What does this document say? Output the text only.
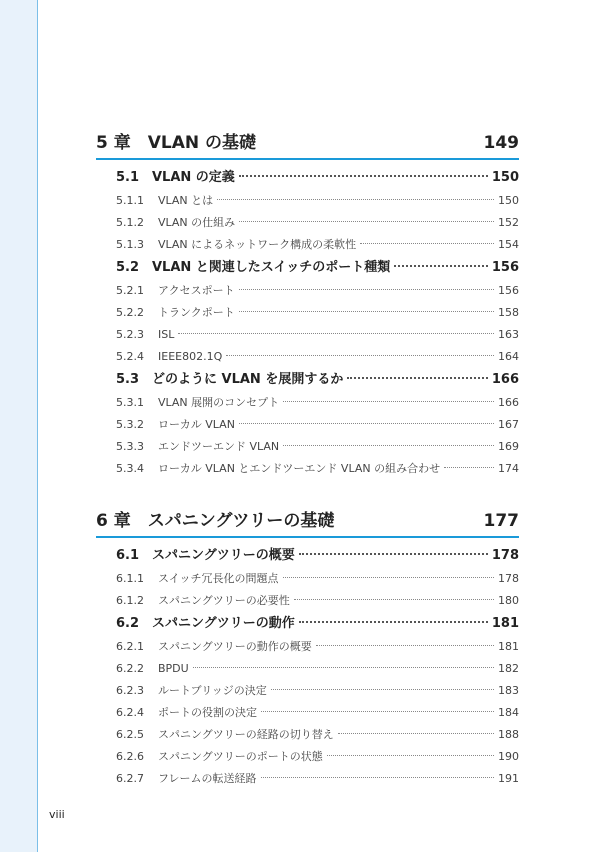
5 章　VLAN の基礎	149
5.1 VLAN の定義	150
5.1.1	VLAN とは	150
5.1.2	VLAN の仕組み	152
5.1.3	VLAN によるネットワーク構成の柔軟性	154
5.2 VLAN と関連したスイッチのポート種類	156
5.2.1	アクセスポート	156
5.2.2	トランクポート	158
5.2.3	ISL	163
5.2.4	IEEE802.1Q	164
5.3 どのように VLAN を展開するか	166
5.3.1	VLAN 展開のコンセプト	166
5.3.2	ローカル VLAN	167
5.3.3	エンドツーエンド VLAN	169
5.3.4	ローカル VLAN とエンドツーエンド VLAN の組み合わせ	174
6 章　スパニングツリーの基礎	177
6.1 スパニングツリーの概要	178
6.1.1	スイッチ冗長化の問題点	178
6.1.2	スパニングツリーの必要性	180
6.2 スパニングツリーの動作	181
6.2.1	スパニングツリーの動作の概要	181
6.2.2	BPDU	182
6.2.3	ルートブリッジの決定	183
6.2.4	ポートの役割の決定	184
6.2.5	スパニングツリーの経路の切り替え	188
6.2.6	スパニングツリーのポートの状態	190
6.2.7	フレームの転送経路	191
viii
